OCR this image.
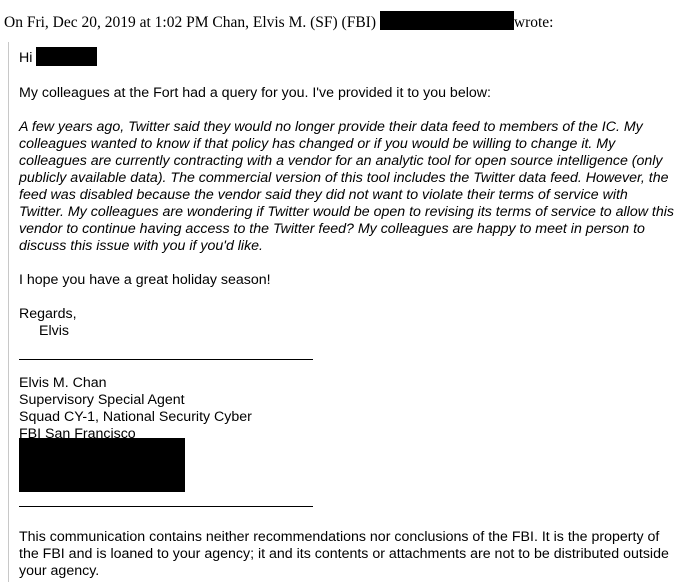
On Fri, Dec 20, 2019 at 1:02 PM Chan, Elvis M. (SF) (FBI)	wrote:

Hi

My colleagues at the Fort had a query for you. I've provided it to you below:

A few years ago, Twitter said they would no longer provide their data feed to members of the IC. My colleagues wanted to know if that policy has changed or if you would be willing to change it. My colleagues are currently contracting with a vendor for an analytic tool for open source intelligence (only publicly available data). The commercial version of this tool includes the Twitter data feed. However, the feed was disabled because the vendor said they did not want to violate their terms of service with Twitter. My colleagues are wondering if Twitter would be open to revising its terms of service to allow this vendor to continue having access to the Twitter feed? My colleagues are happy to meet in person to discuss this issue with you if you'd like.

I hope you have a great holiday season!

Regards,

Elvis

Elvis M. Chan

Supervisory Special Agent

Squad CY-1, National Security Cyber

FBI San Francisco

This communication contains neither recommendations nor conclusions of the FBI. It is the property of the FBI and is loaned to your agency; it and its contents or attachments are not to be distributed outside your agency.
